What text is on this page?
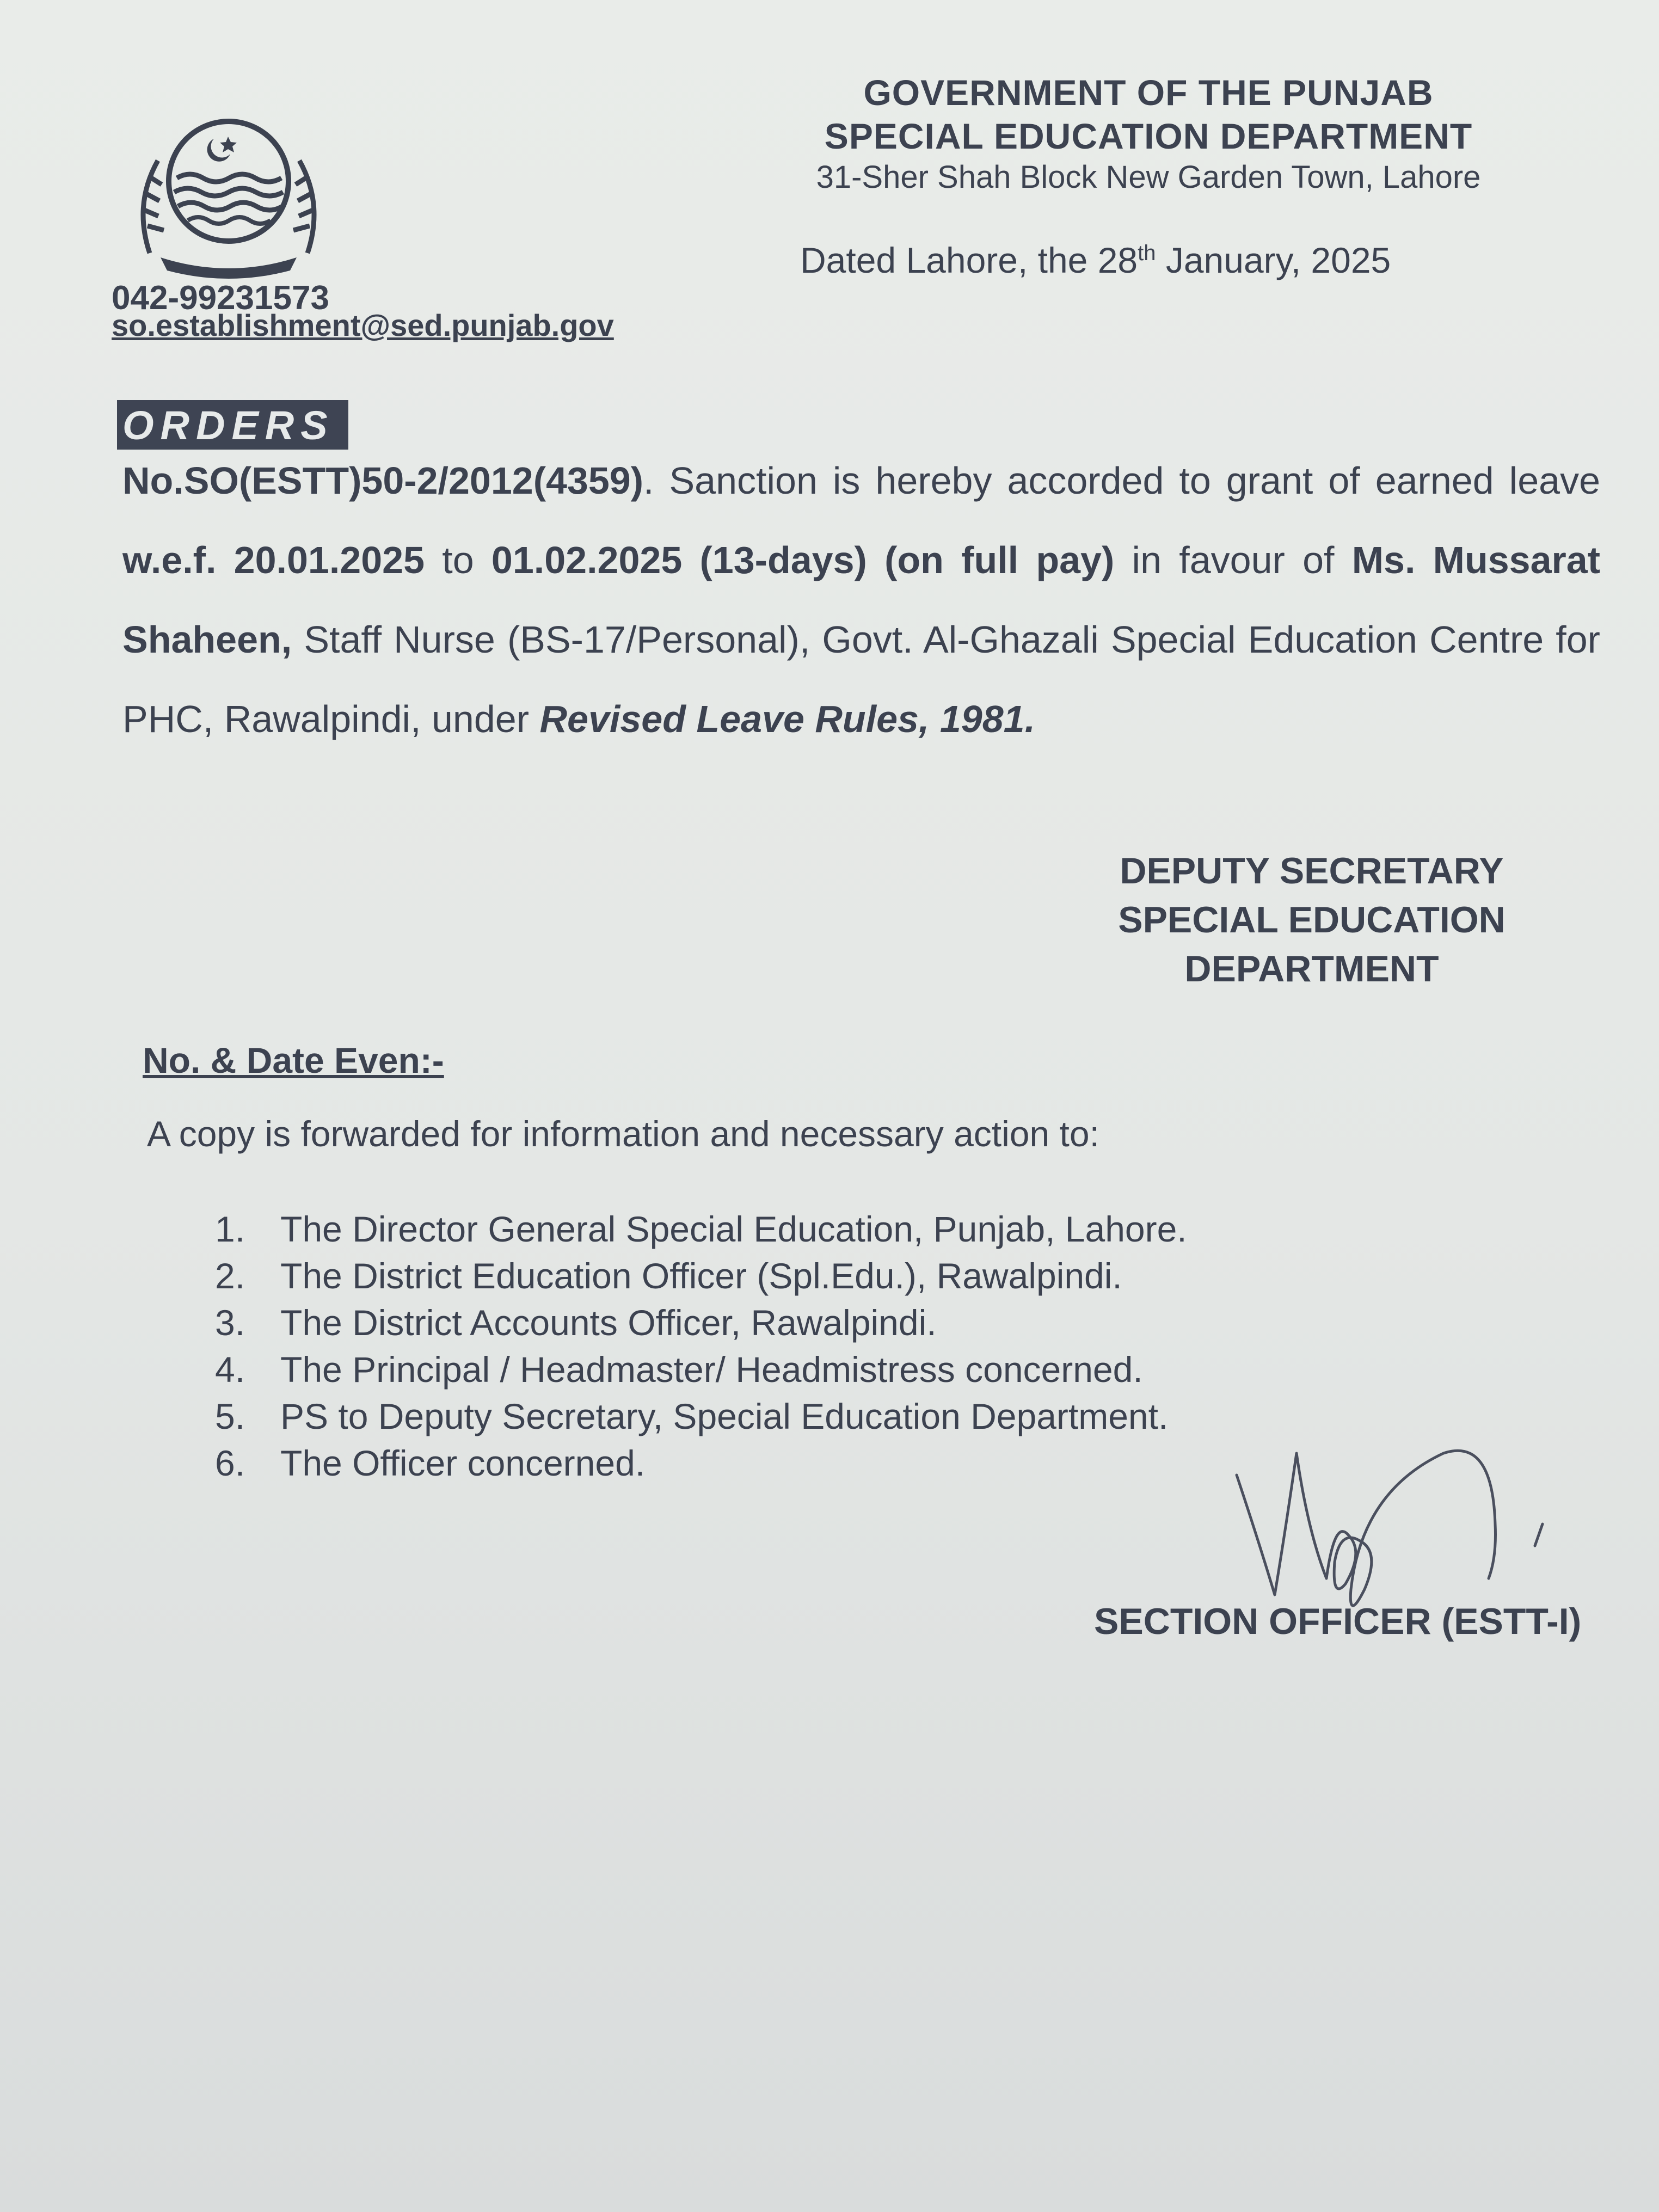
GOVERNMENT OF THE PUNJAB
SPECIAL EDUCATION DEPARTMENT
31-Sher Shah Block New Garden Town, Lahore
Dated Lahore, the 28th January, 2025
042-99231573
so.establishment@sed.punjab.gov
ORDERS
No.SO(ESTT)50-2/2012(4359). Sanction is hereby accorded to grant of earned leave w.e.f. 20.01.2025 to 01.02.2025 (13-days) (on full pay) in favour of Ms. Mussarat Shaheen, Staff Nurse (BS-17/Personal), Govt. Al-Ghazali Special Education Centre for PHC, Rawalpindi, under Revised Leave Rules, 1981.
DEPUTY SECRETARY
SPECIAL EDUCATION
DEPARTMENT
No. & Date Even:-
A copy is forwarded for information and necessary action to:
1. The Director General Special Education, Punjab, Lahore.
2. The District Education Officer (Spl.Edu.), Rawalpindi.
3. The District Accounts Officer, Rawalpindi.
4. The Principal / Headmaster/ Headmistress concerned.
5. PS to Deputy Secretary, Special Education Department.
6. The Officer concerned.
SECTION OFFICER (ESTT-I)
